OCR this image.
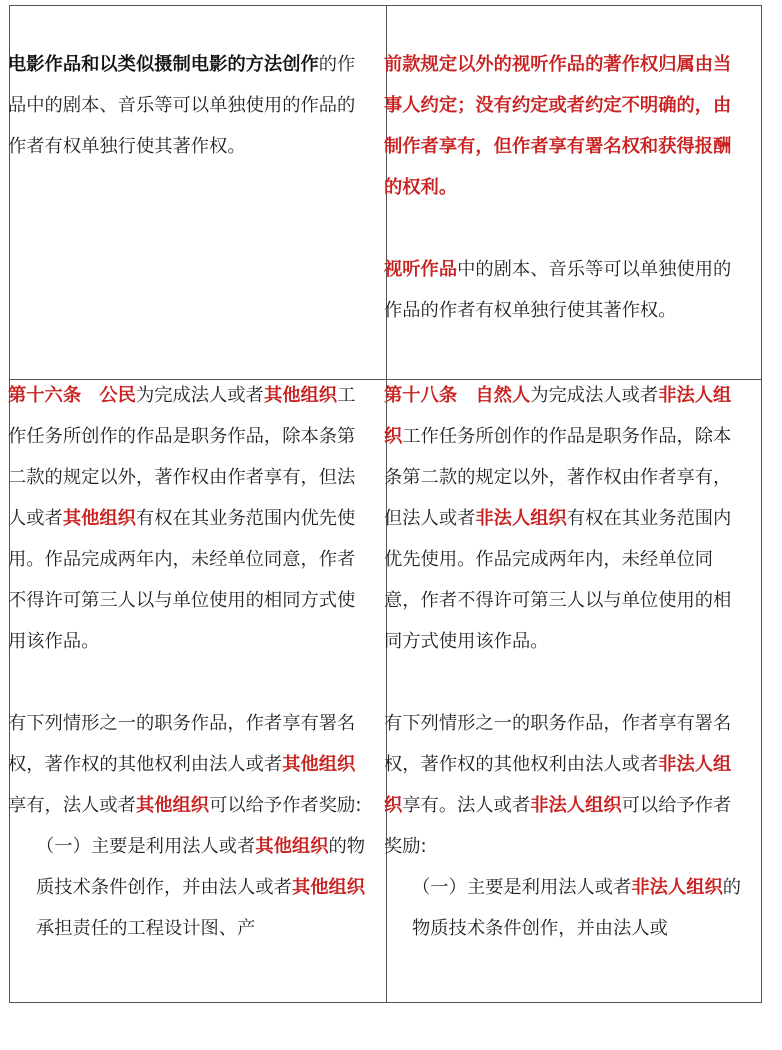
电影作品和以类似摄制电影的方法创作的作品中的剧本、音乐等可以单独使用的作品的作者有权单独行使其著作权。

前款规定以外的视听作品的著作权归属由当事人约定；没有约定或者约定不明确的，由制作者享有，但作者享有署名权和获得报酬的权利。

视听作品中的剧本、音乐等可以单独使用的作品的作者有权单独行使其著作权。

第十六条  公民为完成法人或者其他组织工作任务所创作的作品是职务作品，除本条第二款的规定以外，著作权由作者享有，但法人或者其他组织有权在其业务范围内优先使用。作品完成两年内，未经单位同意，作者不得许可第三人以与单位使用的相同方式使用该作品。

有下列情形之一的职务作品，作者享有署名权，著作权的其他权利由法人或者其他组织享有，法人或者其他组织可以给予作者奖励:

（一）主要是利用法人或者其他组织的物质技术条件创作，并由法人或者其他组织承担责任的工程设计图、产

第十八条  自然人为完成法人或者非法人组织工作任务所创作的作品是职务作品，除本条第二款的规定以外，著作权由作者享有，但法人或者非法人组织有权在其业务范围内优先使用。作品完成两年内，未经单位同意，作者不得许可第三人以与单位使用的相同方式使用该作品。

有下列情形之一的职务作品，作者享有署名权，著作权的其他权利由法人或者非法人组织享有。法人或者非法人组织可以给予作者奖励:

（一）主要是利用法人或者非法人组织的物质技术条件创作，并由法人或
